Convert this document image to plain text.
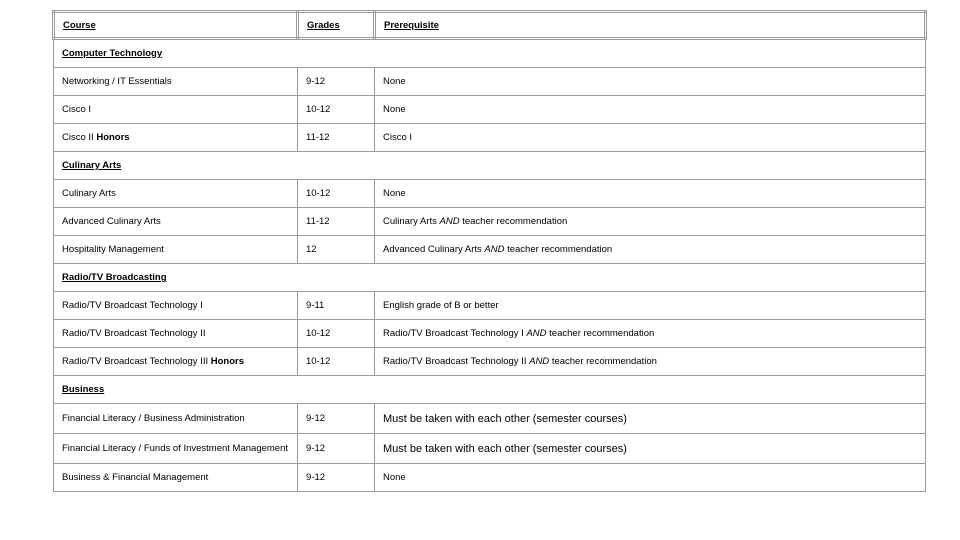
Course	Grades	Prerequisite
Computer Technology		
Networking / IT Essentials	9-12	None
Cisco I	10-12	None
Cisco II Honors	11-12	Cisco I
Culinary Arts		
Culinary Arts	10-12	None
Advanced Culinary Arts	11-12	Culinary Arts AND teacher recommendation
Hospitality Management	12	Advanced Culinary Arts AND teacher recommendation
Radio/TV Broadcasting		
Radio/TV Broadcast Technology I	9-11	English grade of B or better
Radio/TV Broadcast Technology II	10-12	Radio/TV Broadcast Technology I AND teacher recommendation
Radio/TV Broadcast Technology III Honors	10-12	Radio/TV Broadcast Technology II AND teacher recommendation
Business		
Financial Literacy / Business Administration	9-12	Must be taken with each other (semester courses)
Financial Literacy / Funds of Investment Management	9-12	Must be taken with each other (semester courses)
Business & Financial Management	9-12	None
